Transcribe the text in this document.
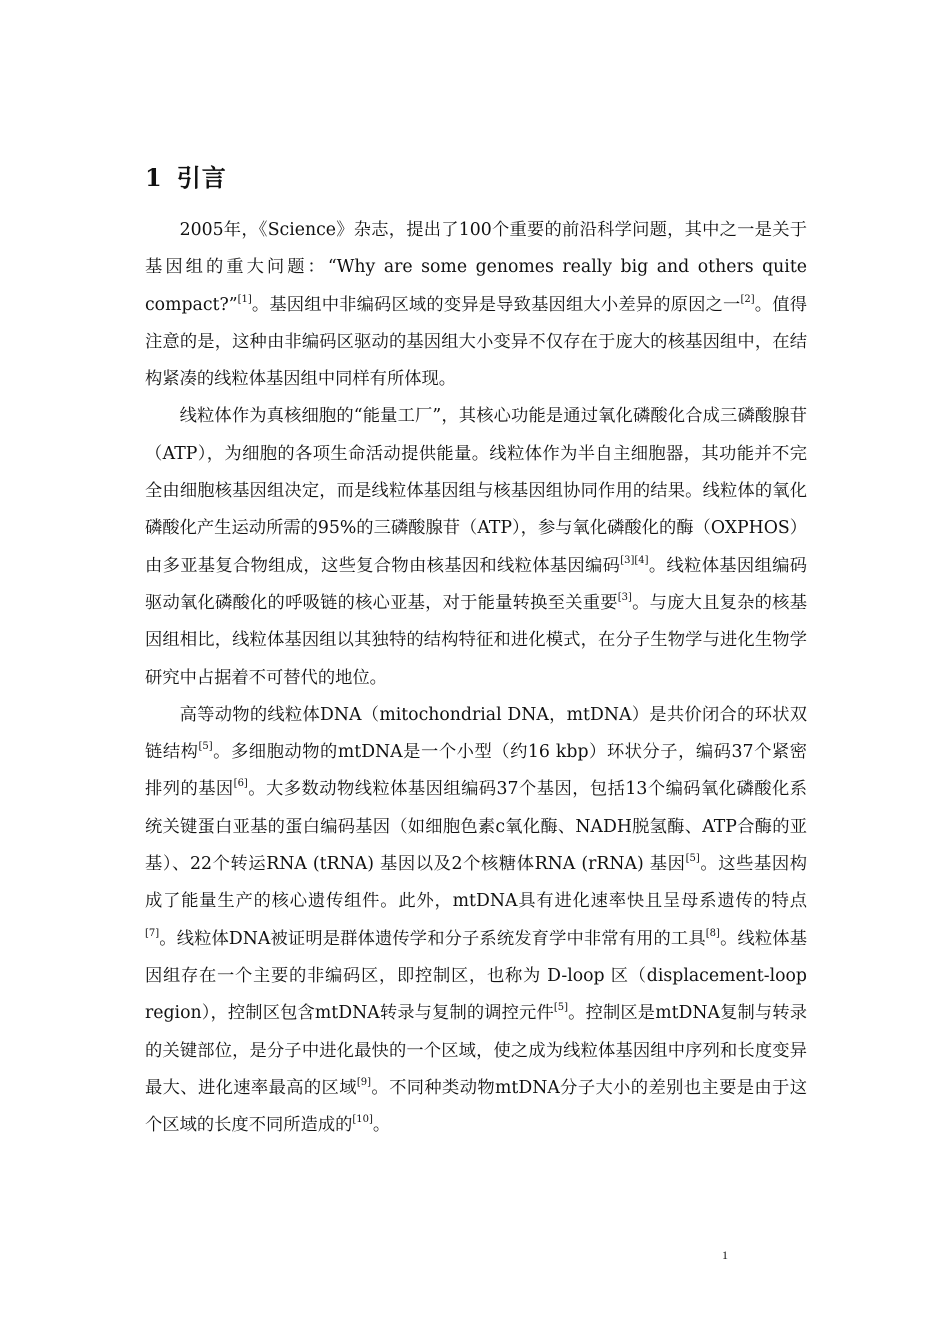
1 引言

2005年，《Science》杂志，提出了100个重要的前沿科学问题，其中之一是关于基因组的重大问题：“Why are some genomes really big and others quite compact?”[1]。基因组中非编码区域的变异是导致基因组大小差异的原因之一[2]。值得注意的是，这种由非编码区驱动的基因组大小变异不仅存在于庞大的核基因组中，在结构紧凑的线粒体基因组中同样有所体现。

线粒体作为真核细胞的“能量工厂”，其核心功能是通过氧化磷酸化合成三磷酸腺苷（ATP），为细胞的各项生命活动提供能量。线粒体作为半自主细胞器，其功能并不完全由细胞核基因组决定，而是线粒体基因组与核基因组协同作用的结果。线粒体的氧化磷酸化产生运动所需的95%的三磷酸腺苷（ATP），参与氧化磷酸化的酶（OXPHOS）由多亚基复合物组成，这些复合物由核基因和线粒体基因编码[3][4]。线粒体基因组编码驱动氧化磷酸化的呼吸链的核心亚基，对于能量转换至关重要[3]。与庞大且复杂的核基因组相比，线粒体基因组以其独特的结构特征和进化模式，在分子生物学与进化生物学研究中占据着不可替代的地位。

高等动物的线粒体DNA（mitochondrial DNA，mtDNA）是共价闭合的环状双链结构[5]。多细胞动物的mtDNA是一个小型（约16 kbp）环状分子，编码37个紧密排列的基因[6]。大多数动物线粒体基因组编码37个基因，包括13个编码氧化磷酸化系统关键蛋白亚基的蛋白编码基因（如细胞色素c氧化酶、NADH脱氢酶、ATP合酶的亚基）、22个转运RNA (tRNA) 基因以及2个核糖体RNA (rRNA) 基因[5]。这些基因构成了能量生产的核心遗传组件。此外，mtDNA具有进化速率快且呈母系遗传的特点[7]。线粒体DNA被证明是群体遗传学和分子系统发育学中非常有用的工具[8]。线粒体基因组存在一个主要的非编码区，即控制区，也称为 D-loop 区（displacement-loop region），控制区包含mtDNA转录与复制的调控元件[5]。控制区是mtDNA复制与转录的关键部位，是分子中进化最快的一个区域，使之成为线粒体基因组中序列和长度变异最大、进化速率最高的区域[9]。不同种类动物mtDNA分子大小的差别也主要是由于这个区域的长度不同所造成的[10]。

1
